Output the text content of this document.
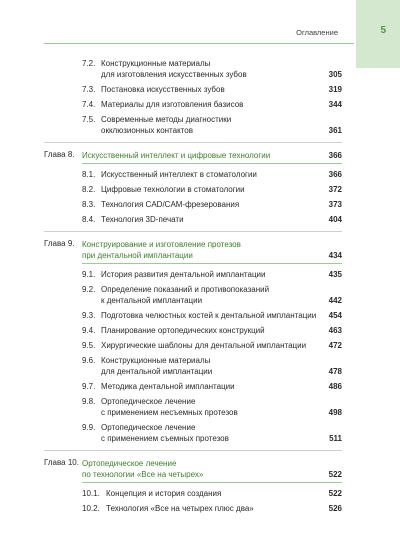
5
Оглавление
7.2. Конструкционные материалы
для изготовления искусственных зубов	305
7.3. Постановка искусственных зубов	319
7.4. Материалы для изготовления базисов	344
7.5. Современные методы диагностики
окклюзионных контактов	361
Глава 8. Искусственный интеллект и цифровые технологии	366
8.1. Искусственный интеллект в стоматологии	366
8.2. Цифровые технологии в стоматологии	372
8.3. Технология CAD/CAM-фрезерования	373
8.4. Технология 3D-печати	404
Глава 9. Конструирование и изготовление протезов
при дентальной имплантации	434
9.1. История развития дентальной имплантации	435
9.2. Определение показаний и противопоказаний
к дентальной имплантации	442
9.3. Подготовка челюстных костей к дентальной имплантации	454
9.4. Планирование ортопедических конструкций	463
9.5. Хирургические шаблоны для дентальной имплантации	472
9.6. Конструкционные материалы
для дентальной имплантации	478
9.7. Методика дентальной имплантации	486
9.8. Ортопедическое лечение
с применением несъемных протезов	498
9.9. Ортопедическое лечение
с применением съемных протезов	511
Глава 10. Ортопедическое лечение
по технологии «Все на четырех»	522
10.1. Концепция и история создания	522
10.2. Технология «Все на четырех плюс два»	526
